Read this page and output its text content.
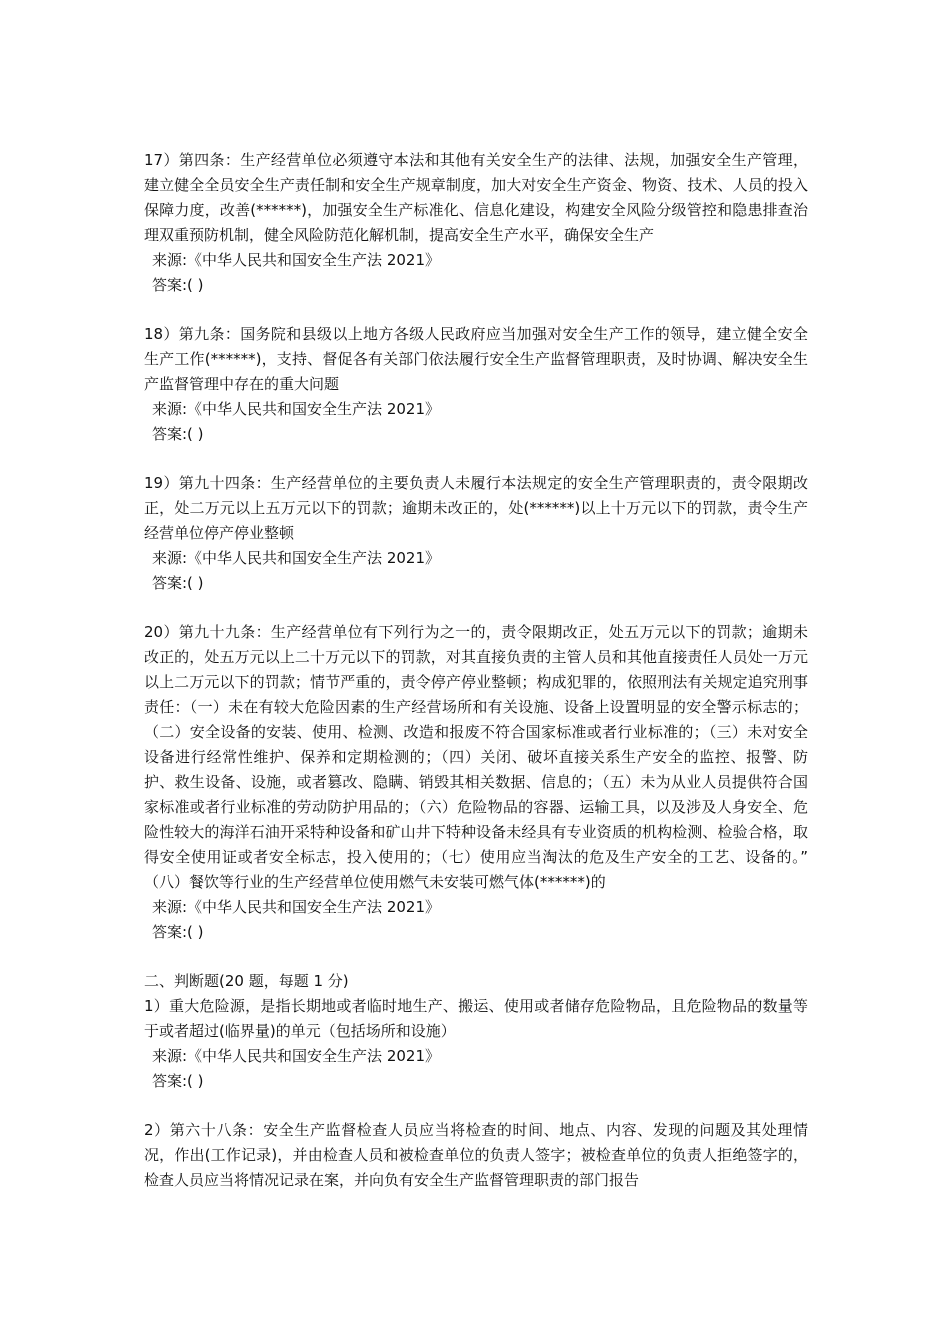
17）第四条：生产经营单位必须遵守本法和其他有关安全生产的法律、法规，加强安全生产管理，建立健全全员安全生产责任制和安全生产规章制度，加大对安全生产资金、物资、技术、人员的投入保障力度，改善(******)，加强安全生产标准化、信息化建设，构建安全风险分级管控和隐患排查治理双重预防机制，健全风险防范化解机制，提高安全生产水平，确保安全生产

来源:《中华人民共和国安全生产法 2021》

答案:( )

18）第九条：国务院和县级以上地方各级人民政府应当加强对安全生产工作的领导，建立健全安全生产工作(******)，支持、督促各有关部门依法履行安全生产监督管理职责，及时协调、解决安全生产监督管理中存在的重大问题

来源:《中华人民共和国安全生产法 2021》

答案:( )

19）第九十四条：生产经营单位的主要负责人未履行本法规定的安全生产管理职责的，责令限期改正，处二万元以上五万元以下的罚款；逾期未改正的，处(******)以上十万元以下的罚款，责令生产经营单位停产停业整顿

来源:《中华人民共和国安全生产法 2021》

答案:( )

20）第九十九条：生产经营单位有下列行为之一的，责令限期改正，处五万元以下的罚款；逾期未改正的，处五万元以上二十万元以下的罚款，对其直接负责的主管人员和其他直接责任人员处一万元以上二万元以下的罚款；情节严重的，责令停产停业整顿；构成犯罪的，依照刑法有关规定追究刑事责任：（一）未在有较大危险因素的生产经营场所和有关设施、设备上设置明显的安全警示标志的；（二）安全设备的安装、使用、检测、改造和报废不符合国家标准或者行业标准的；（三）未对安全设备进行经常性维护、保养和定期检测的；（四）关闭、破坏直接关系生产安全的监控、报警、防护、救生设备、设施，或者篡改、隐瞒、销毁其相关数据、信息的；（五）未为从业人员提供符合国家标准或者行业标准的劳动防护用品的；（六）危险物品的容器、运输工具，以及涉及人身安全、危险性较大的海洋石油开采特种设备和矿山井下特种设备未经具有专业资质的机构检测、检验合格，取得安全使用证或者安全标志，投入使用的；（七）使用应当淘汰的危及生产安全的工艺、设备的。” （八）餐饮等行业的生产经营单位使用燃气未安装可燃气体(******)的

来源:《中华人民共和国安全生产法 2021》

答案:( )

二、判断题(20 题，每题 1 分)

1）重大危险源，是指长期地或者临时地生产、搬运、使用或者储存危险物品，且危险物品的数量等于或者超过(临界量)的单元（包括场所和设施）

来源:《中华人民共和国安全生产法 2021》

答案:( )

2）第六十八条：安全生产监督检查人员应当将检查的时间、地点、内容、发现的问题及其处理情况，作出(工作记录)，并由检查人员和被检查单位的负责人签字；被检查单位的负责人拒绝签字的，检查人员应当将情况记录在案，并向负有安全生产监督管理职责的部门报告
